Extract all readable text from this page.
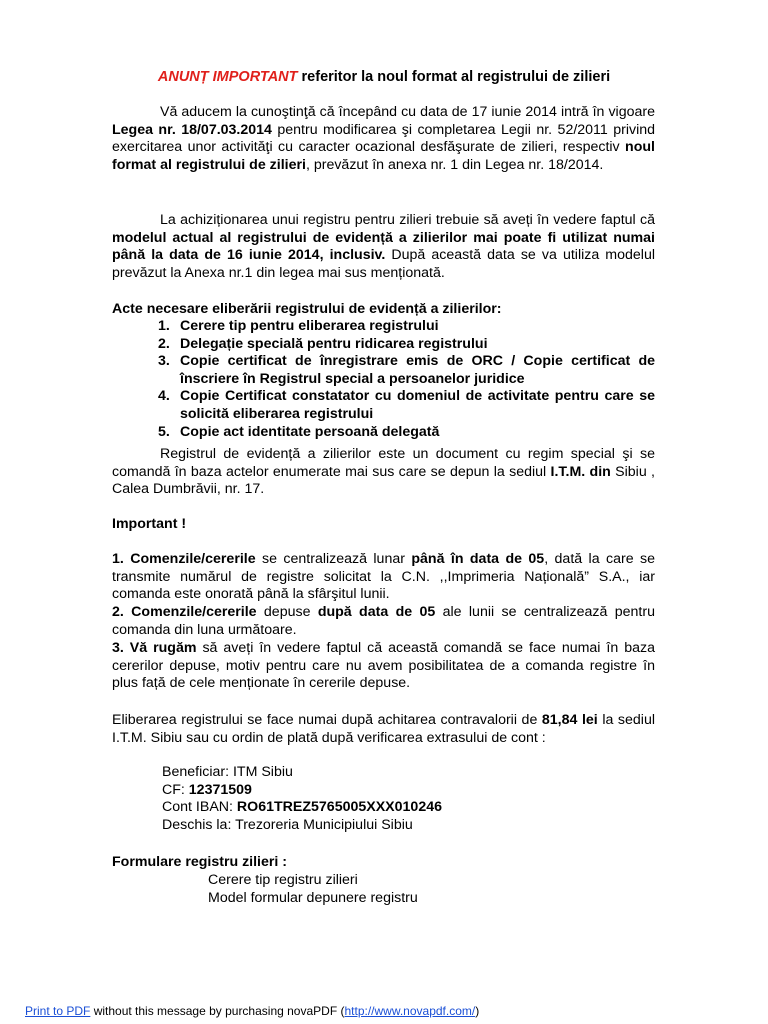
ANUNȚ IMPORTANT referitor la noul format al registrului de zilieri
Vă aducem la cunoştinţă că începând cu data de 17 iunie 2014 intră în vigoare Legea nr. 18/07.03.2014 pentru modificarea şi completarea Legii nr. 52/2011 privind exercitarea unor activităţi cu caracter ocazional desfăşurate de zilieri, respectiv noul format al registrului de zilieri, prevăzut în anexa nr. 1 din Legea nr. 18/2014.
La achiziționarea unui registru pentru zilieri trebuie să aveți în vedere faptul că modelul actual al registrului de evidență a zilierilor mai poate fi utilizat numai până la data de 16 iunie 2014, inclusiv. După această data se va utiliza modelul prevăzut la Anexa nr.1 din legea mai sus menționată.
Acte necesare eliberării registrului de evidență a zilierilor:
1. Cerere tip pentru eliberarea registrului
2. Delegație specială pentru ridicarea registrului
3. Copie certificat de înregistrare emis de ORC / Copie certificat de înscriere în Registrul special a persoanelor juridice
4. Copie Certificat constatator cu domeniul de activitate pentru care se solicită eliberarea registrului
5. Copie act identitate persoană delegată
Registrul de evidență a zilierilor este un document cu regim special şi se comandă în baza actelor enumerate mai sus care se depun la sediul I.T.M. din Sibiu , Calea Dumbrăvii, nr. 17.
Important !
1. Comenzile/cererile se centralizează lunar până în data de 05, dată la care se transmite numărul de registre solicitat la C.N. ,,Imprimeria Națională” S.A., iar comanda este onorată până la sfârşitul lunii.
2. Comenzile/cererile depuse după data de 05 ale lunii se centralizează pentru comanda din luna următoare.
3. Vă rugăm să aveți în vedere faptul că această comandă se face numai în baza cererilor depuse, motiv pentru care nu avem posibilitatea de a comanda registre în plus față de cele menționate în cererile depuse.
Eliberarea registrului se face numai după achitarea contravalorii de 81,84 lei la sediul I.T.M. Sibiu sau cu ordin de plată după verificarea extrasului de cont :
Beneficiar: ITM Sibiu
CF: 12371509
Cont IBAN: RO61TREZ5765005XXX010246
Deschis la: Trezoreria Municipiului Sibiu
Formulare registru zilieri :
Cerere tip registru zilieri
Model formular depunere registru
Print to PDF without this message by purchasing novaPDF (http://www.novapdf.com/)
